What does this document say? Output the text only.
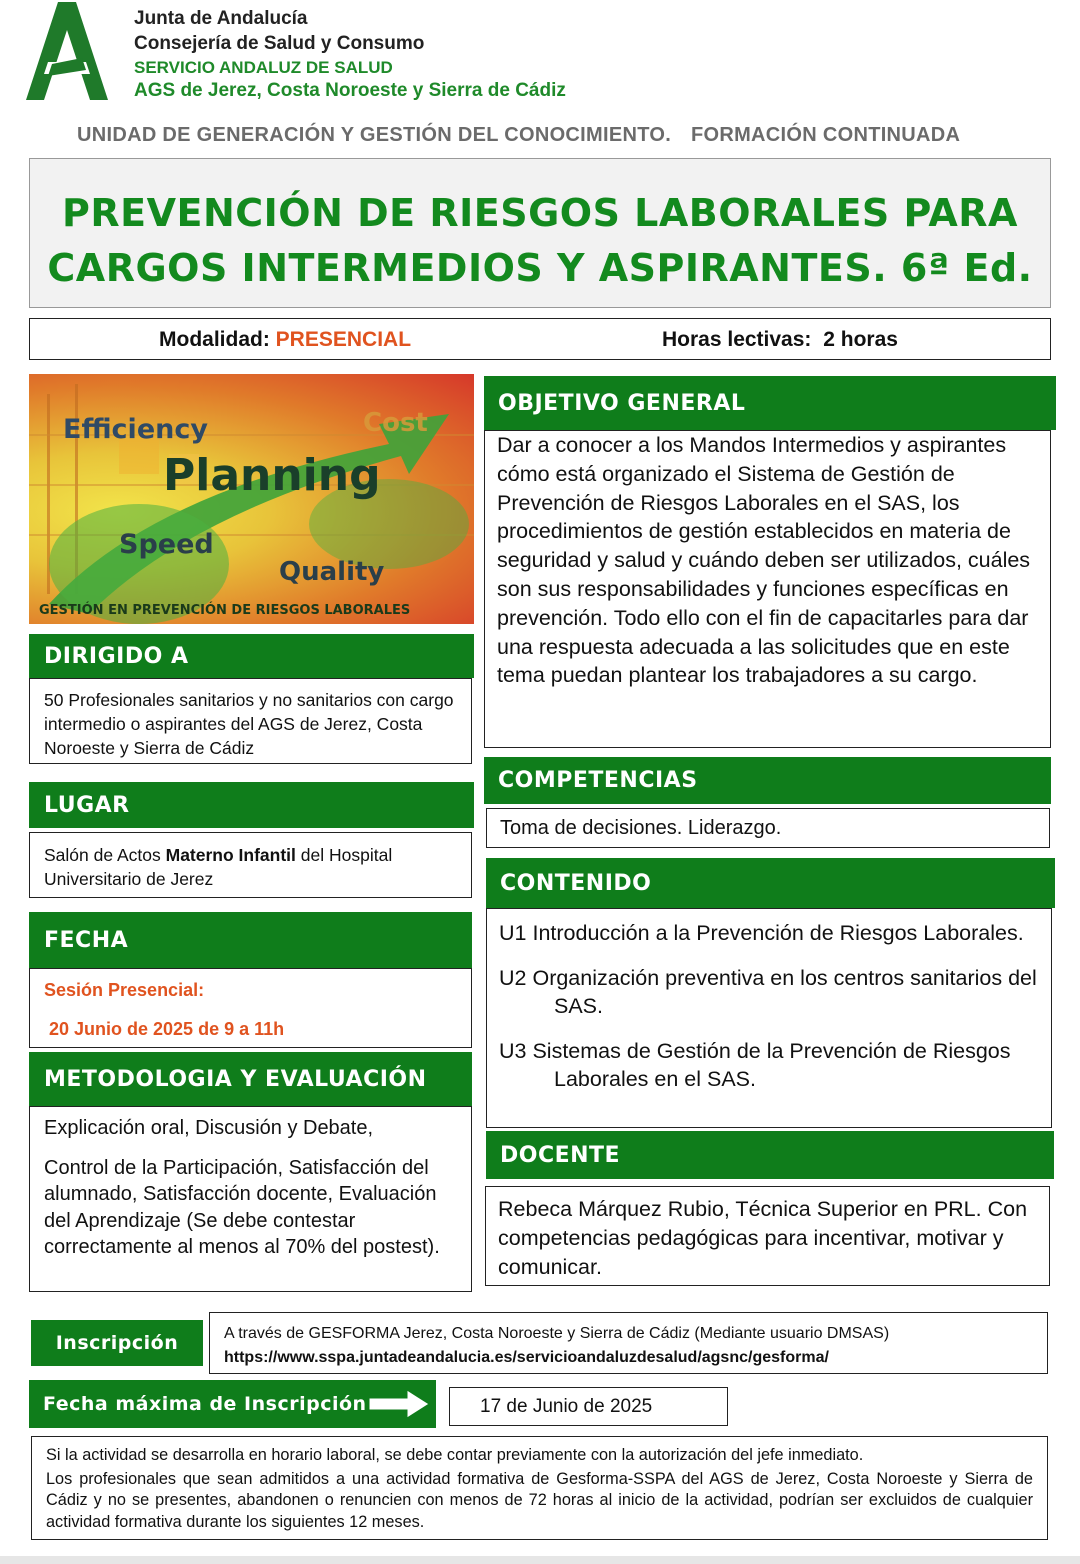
Junta de Andalucía
Consejería de Salud y Consumo
SERVICIO ANDALUZ DE SALUD
AGS de Jerez, Costa Noroeste y Sierra de Cádiz
UNIDAD DE GENERACIÓN Y GESTIÓN DEL CONOCIMIENTO. FORMACIÓN CONTINUADA
PREVENCIÓN DE RIESGOS LABORALES PARA
CARGOS INTERMEDIOS Y ASPIRANTES. 6ª Ed.
Modalidad: PRESENCIAL	Horas lectivas: 2 horas
Efficiency	Cost
Planning
Speed
Quality
GESTIÓN EN PREVENCIÓN DE RIESGOS LABORALES
DIRIGIDO A
50 Profesionales sanitarios y no sanitarios con cargo intermedio o aspirantes del AGS de Jerez, Costa Noroeste y Sierra de Cádiz
LUGAR
Salón de Actos Materno Infantil del Hospital Universitario de Jerez
FECHA
Sesión Presencial:
20 Junio de 2025 de 9 a 11h
METODOLOGIA Y EVALUACIÓN
Explicación oral, Discusión y Debate,
Control de la Participación, Satisfacción del alumnado, Satisfacción docente, Evaluación del Aprendizaje (Se debe contestar correctamente al menos al 70% del postest).
OBJETIVO GENERAL
Dar a conocer a los Mandos Intermedios y aspirantes cómo está organizado el Sistema de Gestión de Prevención de Riesgos Laborales en el SAS, los procedimientos de gestión establecidos en materia de seguridad y salud y cuándo deben ser utilizados, cuáles son sus responsabilidades y funciones específicas en prevención. Todo ello con el fin de capacitarles para dar una respuesta adecuada a las solicitudes que en este tema puedan plantear los trabajadores a su cargo.
COMPETENCIAS
Toma de decisiones. Liderazgo.
CONTENIDO
U1 Introducción a la Prevención de Riesgos Laborales.
U2 Organización preventiva en los centros sanitarios del SAS.
U3 Sistemas de Gestión de la Prevención de Riesgos Laborales en el SAS.
DOCENTE
Rebeca Márquez Rubio, Técnica Superior en PRL. Con competencias pedagógicas para incentivar, motivar y comunicar.
Inscripción	A través de GESFORMA Jerez, Costa Noroeste y Sierra de Cádiz (Mediante usuario DMSAS)
https://www.sspa.juntadeandalucia.es/servicioandaluzdesalud/agsnc/gesforma/
Fecha máxima de Inscripción	17 de Junio de 2025
Si la actividad se desarrolla en horario laboral, se debe contar previamente con la autorización del jefe inmediato.
Los profesionales que sean admitidos a una actividad formativa de Gesforma-SSPA del AGS de Jerez, Costa Noroeste y Sierra de Cádiz y no se presentes, abandonen o renuncien con menos de 72 horas al inicio de la actividad, podrían ser excluidos de cualquier actividad formativa durante los siguientes 12 meses.
